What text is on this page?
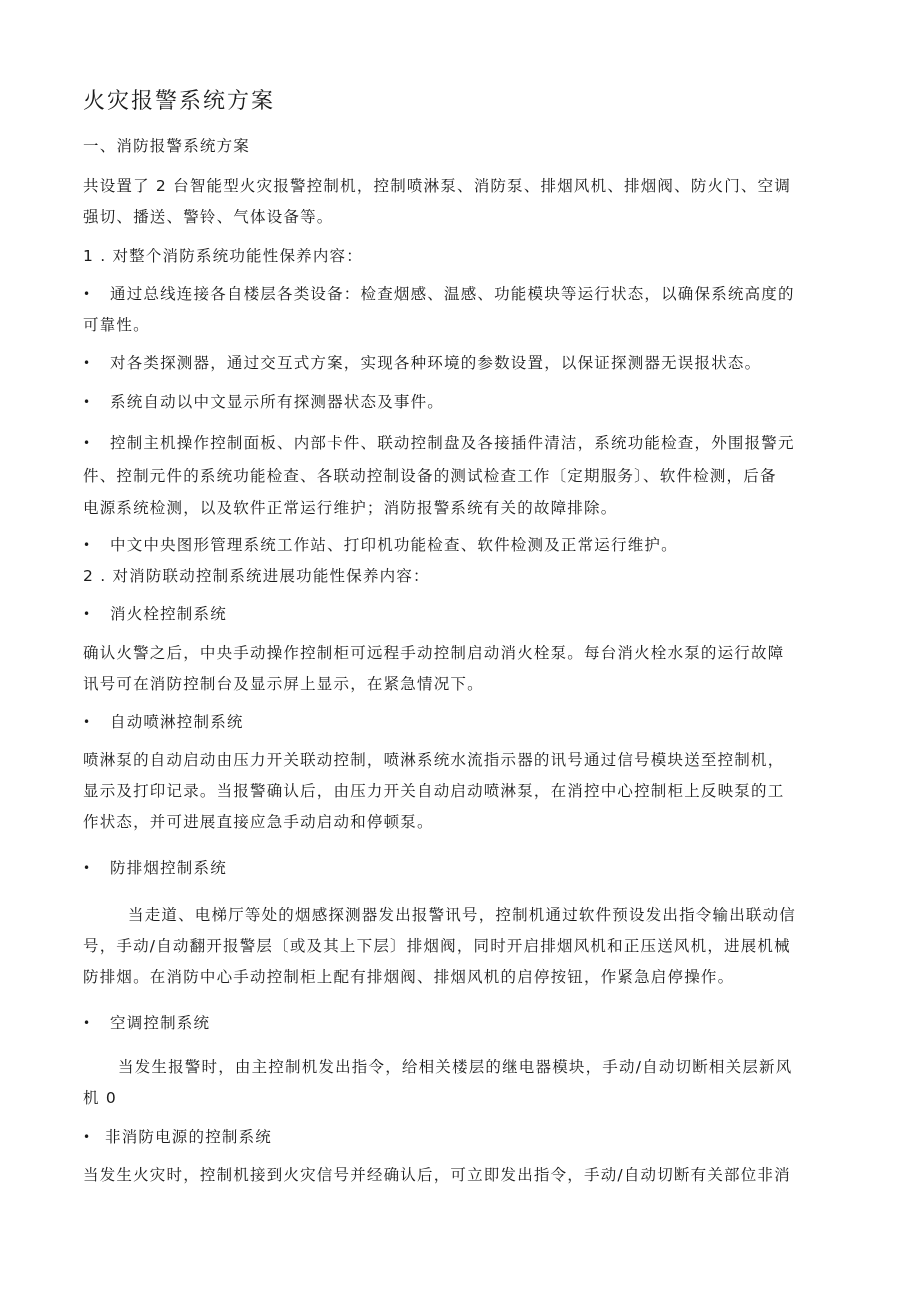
火灾报警系统方案
一、消防报警系统方案
共设置了 2 台智能型火灾报警控制机，控制喷淋泵、消防泵、排烟风机、排烟阀、防火门、空调
强切、播送、警铃、气体设备等。
1 . 对整个消防系统功能性保养内容：
• 通过总线连接各自楼层各类设备：检查烟感、温感、功能模块等运行状态，以确保系统高度的
可靠性。
• 对各类探测器，通过交互式方案，实现各种环境的参数设置，以保证探测器无误报状态。
• 系统自动以中文显示所有探测器状态及事件。
• 控制主机操作控制面板、内部卡件、联动控制盘及各接插件清洁，系统功能检查，外围报警元
件、控制元件的系统功能检查、各联动控制设备的测试检查工作〔定期服务〕、软件检测，后备
电源系统检测，以及软件正常运行维护；消防报警系统有关的故障排除。
• 中文中央图形管理系统工作站、打印机功能检查、软件检测及正常运行维护。
2 . 对消防联动控制系统进展功能性保养内容：
• 消火栓控制系统
确认火警之后，中央手动操作控制柜可远程手动控制启动消火栓泵。每台消火栓水泵的运行故障
讯号可在消防控制台及显示屏上显示，在紧急情况下。
• 自动喷淋控制系统
喷淋泵的自动启动由压力开关联动控制，喷淋系统水流指示器的讯号通过信号模块送至控制机，
显示及打印记录。当报警确认后，由压力开关自动启动喷淋泵，在消控中心控制柜上反映泵的工
作状态，并可进展直接应急手动启动和停顿泵。
• 防排烟控制系统
当走道、电梯厅等处的烟感探测器发出报警讯号，控制机通过软件预设发出指令输出联动信
号，手动/自动翻开报警层〔或及其上下层〕排烟阀，同时开启排烟风机和正压送风机，进展机械
防排烟。在消防中心手动控制柜上配有排烟阀、排烟风机的启停按钮，作紧急启停操作。
• 空调控制系统
当发生报警时，由主控制机发出指令，给相关楼层的继电器模块，手动/自动切断相关层新风
机 0
• 非消防电源的控制系统
当发生火灾时，控制机接到火灾信号并经确认后，可立即发出指令，手动/自动切断有关部位非消
